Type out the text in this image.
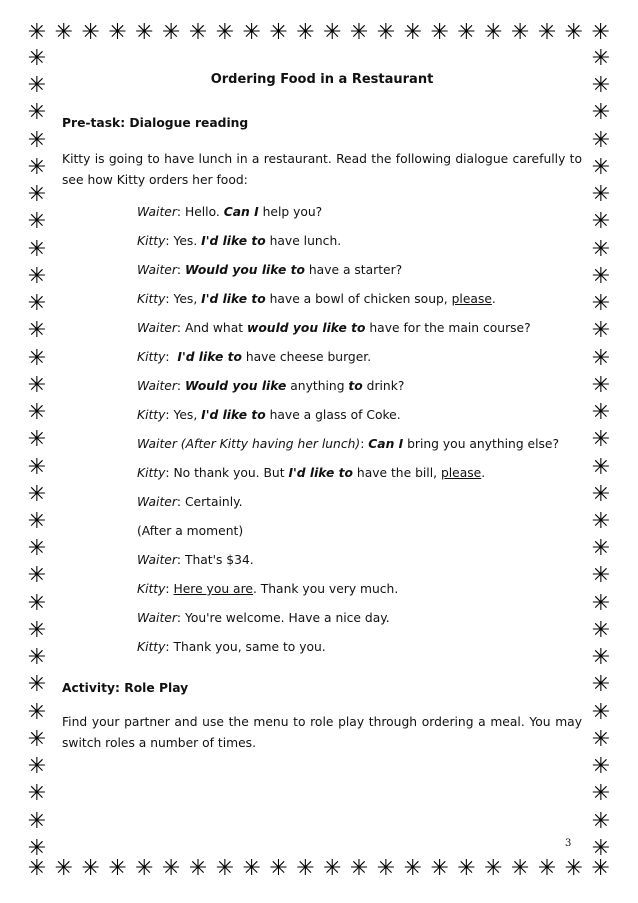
✳ ✳ ✳ ✳ ✳ ✳ ✳ ✳ ✳ ✳ ✳ ✳ ✳ ✳ ✳ ✳ ✳ ✳ ✳ ✳ ✳ ✳
✳ ✳ ✳ ✳ ✳ ✳ ✳ ✳ ✳ ✳ ✳ ✳ ✳ ✳ ✳ ✳ ✳ ✳ ✳ ✳ ✳ ✳
✳
✳
✳
✳
✳
✳
✳
✳
✳
✳
✳
✳
✳
✳
✳
✳
✳
✳
✳
✳
✳
✳
✳
✳
✳
✳
✳
✳
✳
✳
✳
✳
✳
✳
✳
✳
✳
✳
✳
✳
✳
✳
✳
✳
✳
✳
✳
✳
✳
✳
✳
✳
✳
✳
✳
✳
✳
✳
✳
✳
Ordering Food in a Restaurant
Pre-task: Dialogue reading
Kitty is going to have lunch in a restaurant. Read the following dialogue carefully to see how Kitty orders her food:
Waiter: Hello. Can I help you?
Kitty: Yes. I'd like to have lunch.
Waiter: Would you like to have a starter?
Kitty: Yes, I'd like to have a bowl of chicken soup, please.
Waiter: And what would you like to have for the main course?
Kitty:  I'd like to have cheese burger.
Waiter: Would you like anything to drink?
Kitty: Yes, I'd like to have a glass of Coke.
Waiter (After Kitty having her lunch): Can I bring you anything else?
Kitty: No thank you. But I'd like to have the bill, please.
Waiter: Certainly.
(After a moment)
Waiter: That's $34.
Kitty: Here you are. Thank you very much.
Waiter: You're welcome. Have a nice day.
Kitty: Thank you, same to you.
Activity: Role Play
Find your partner and use the menu to role play through ordering a meal. You may switch roles a number of times.
3
